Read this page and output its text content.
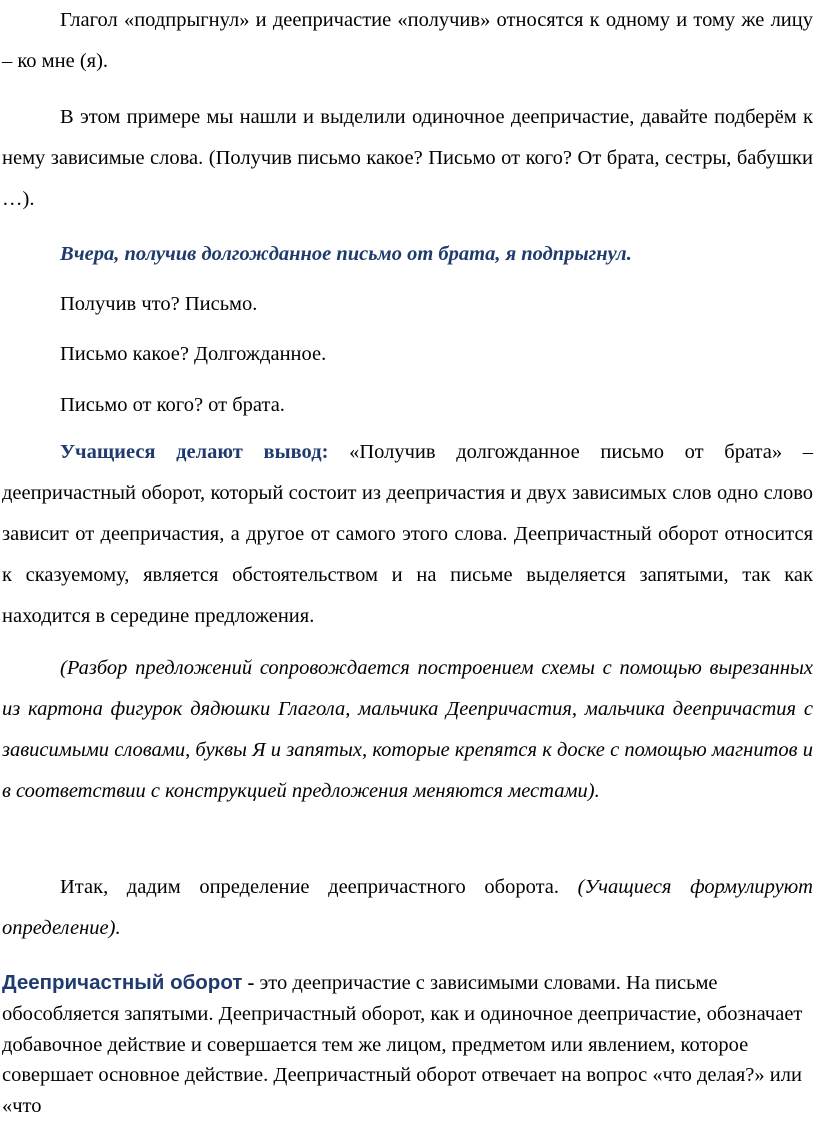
Глагол «подпрыгнул» и деепричастие «получив» относятся к одному и тому же лицу – ко мне (я).

В этом примере мы нашли и выделили одиночное деепричастие, давайте подберём к нему зависимые слова. (Получив письмо какое? Письмо от кого? От брата, сестры, бабушки …).

Вчера, получив долгожданное письмо от брата, я подпрыгнул.

Получив что? Письмо.

Письмо какое? Долгожданное.

Письмо от кого? от брата.

Учащиеся делают вывод: «Получив долгожданное письмо от брата» – деепричастный оборот, который состоит из деепричастия и двух зависимых слов одно слово зависит от деепричастия, а другое от самого этого слова. Деепричастный оборот относится к сказуемому, является обстоятельством и на письме выделяется запятыми, так как находится в середине предложения.

(Разбор предложений сопровождается построением схемы с помощью вырезанных из картона фигурок дядюшки Глагола, мальчика Деепричастия, мальчика деепричастия с зависимыми словами, буквы Я и запятых, которые крепятся к доске с помощью магнитов и в соответствии с конструкцией предложения меняются местами).

Итак, дадим определение деепричастного оборота. (Учащиеся формулируют определение).

Деепричастный оборот - это деепричастие с зависимыми словами. На письме обособляется запятыми. Деепричастный оборот, как и одиночное деепричастие, обозначает добавочное действие и совершается тем же лицом, предметом или явлением, которое совершает основное действие. Деепричастный оборот отвечает на вопрос «что делая?» или «что
